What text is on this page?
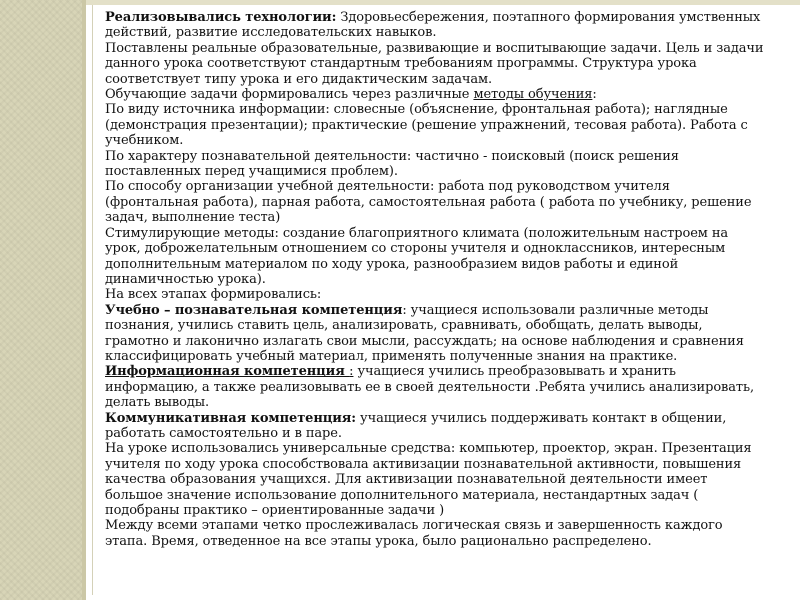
Реализовывались технологии: Здоровьесбережения, поэтапного формирования умственных действий, развитие исследовательских навыков.

Поставлены реальные образовательные, развивающие и воспитывающие задачи. Цель и задачи данного урока соответствуют стандартным требованиям программы. Структура урока соответствует типу урока и его дидактическим задачам.

Обучающие задачи формировались через различные методы обучения:

По виду источника информации: словесные (объяснение, фронтальная работа); наглядные (демонстрация презентации); практические (решение упражнений, тесовая работа). Работа с учебником.

По характеру познавательной деятельности: частично - поисковый (поиск решения поставленных перед учащимися проблем).

По способу организации учебной деятельности: работа под руководством учителя (фронтальная работа), парная работа, самостоятельная работа ( работа по учебнику, решение задач, выполнение теста)

Стимулирующие методы: создание благоприятного климата (положительным настроем на урок, доброжелательным отношением со стороны учителя и одноклассников, интересным дополнительным материалом по ходу урока, разнообразием видов работы и единой динамичностью урока).

На всех этапах формировались:

Учебно – познавательная компетенция: учащиеся использовали различные методы познания, учились ставить цель, анализировать, сравнивать, обобщать, делать выводы, грамотно и лаконично излагать свои мысли, рассуждать; на основе наблюдения и сравнения классифицировать учебный материал, применять полученные знания на практике.

Информационная компетенция : учащиеся учились преобразовывать и хранить информацию, а также реализовывать ее в своей деятельности .Ребята учились анализировать, делать выводы.

Коммуникативная компетенция: учащиеся учились поддерживать контакт в общении, работать самостоятельно и в паре.

На уроке использовались универсальные средства: компьютер, проектор, экран. Презентация учителя по ходу урока способствовала активизации познавательной активности, повышения качества образования учащихся. Для активизации познавательной деятельности имеет большое значение использование дополнительного материала, нестандартных задач ( подобраны практико – ориентированные задачи )

Между всеми этапами четко прослеживалась логическая связь и завершенность каждого этапа. Время, отведенное на все этапы урока, было рационально распределено.
